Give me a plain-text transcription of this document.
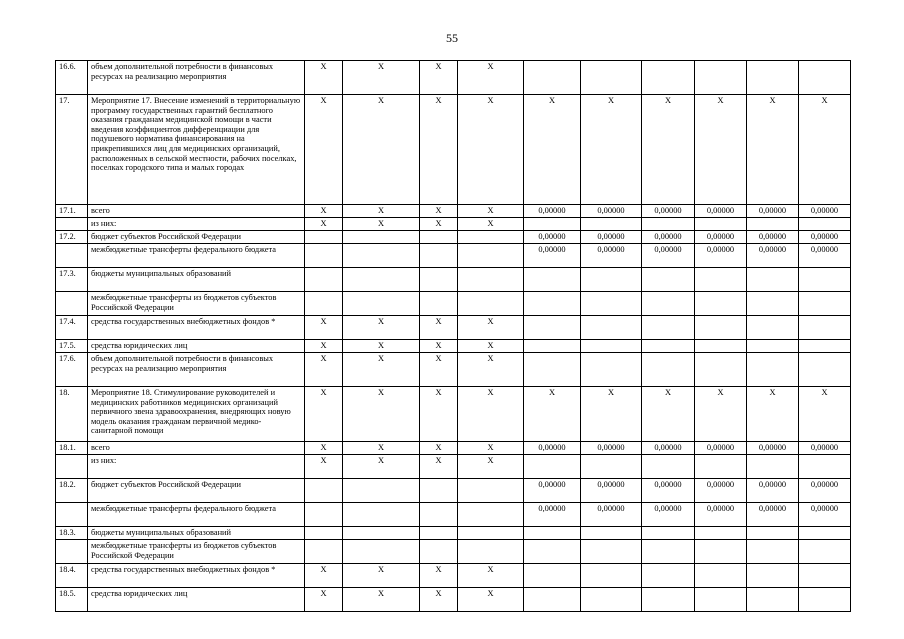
55
16.6.	объем дополнительной потребности в финансовых ресурсах на реализацию мероприятия	X	X	X	X						
17.	Мероприятие 17. Внесение изменений в территориальную программу государственных гарантий бесплатного оказания гражданам медицинской помощи в части введения коэффициентов дифференциации для подушевого норматива финансирования на прикрепившихся лиц для медицинских организаций, расположенных в сельской местности, рабочих поселках, поселках городского типа и малых городах	X	X	X	X	X	X	X	X	X	X
17.1.	всего	X	X	X	X	0,00000	0,00000	0,00000	0,00000	0,00000	0,00000
	из них:	X	X	X	X						
17.2.	бюджет субъектов Российской Федерации					0,00000	0,00000	0,00000	0,00000	0,00000	0,00000
	межбюджетные трансферты федерального бюджета					0,00000	0,00000	0,00000	0,00000	0,00000	0,00000
17.3.	бюджеты муниципальных образований										
	межбюджетные трансферты из бюджетов субъектов Российской Федерации										
17.4.	средства государственных внебюджетных фондов *	X	X	X	X						
17.5.	средства юридических лиц	X	X	X	X						
17.6.	объем дополнительной потребности в финансовых ресурсах на реализацию мероприятия	X	X	X	X						
18.	Мероприятие 18. Стимулирование руководителей и медицинских работников медицинских организаций первичного звена здравоохранения, внедряющих новую модель оказания гражданам первичной медико-санитарной помощи	X	X	X	X	X	X	X	X	X	X
18.1.	всего	X	X	X	X	0,00000	0,00000	0,00000	0,00000	0,00000	0,00000
	из них:	X	X	X	X						
18.2.	бюджет субъектов Российской Федерации					0,00000	0,00000	0,00000	0,00000	0,00000	0,00000
	межбюджетные трансферты федерального бюджета					0,00000	0,00000	0,00000	0,00000	0,00000	0,00000
18.3.	бюджеты муниципальных образований										
	межбюджетные трансферты из бюджетов субъектов Российской Федерации										
18.4.	средства государственных внебюджетных фондов *	X	X	X	X						
18.5.	средства юридических лиц	X	X	X	X						
